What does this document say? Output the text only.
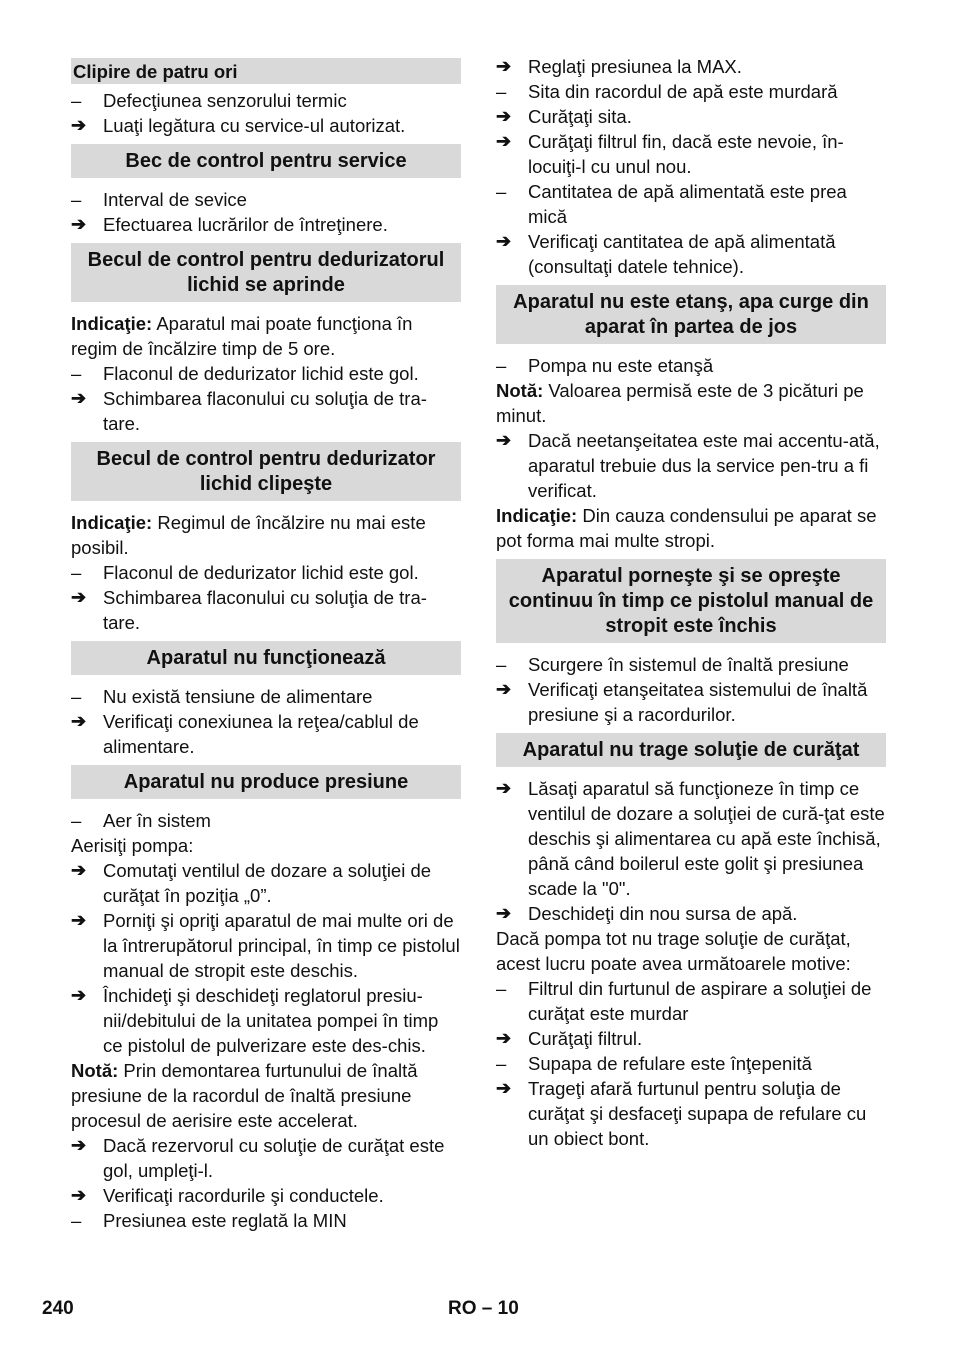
Clipire de patru ori
–	Defecţiunea senzorului termic
➔ Luaţi legătura cu service-ul autorizat.
Bec de control pentru service
–	Interval de sevice
➔ Efectuarea lucrărilor de întreţinere.
Becul de control pentru dedurizatorul lichid se aprinde
Indicaţie: Aparatul mai poate funcţiona în regim de încălzire timp de 5 ore.
–	Flaconul de dedurizator lichid este gol.
➔ Schimbarea flaconului cu soluţia de tra-tare.
Becul de control pentru dedurizator lichid clipeşte
Indicaţie: Regimul de încălzire nu mai este posibil.
–	Flaconul de dedurizator lichid este gol.
➔ Schimbarea flaconului cu soluţia de tra-tare.
Aparatul nu funcţionează
–	Nu există tensiune de alimentare
➔ Verificaţi conexiunea la reţea/cablul de alimentare.
Aparatul nu produce presiune
–	Aer în sistem
Aerisiţi pompa:
➔ Comutaţi ventilul de dozare a soluţiei de curăţat în poziţia „0”.
➔ Porniţi şi opriţi aparatul de mai multe ori de la întrerupătorul principal, în timp ce pistolul manual de stropit este deschis.
➔ Închideţi şi deschideţi reglatorul presiu-nii/debitului de la unitatea pompei în timp ce pistolul de pulverizare este des-chis.
Notă: Prin demontarea furtunului de înaltă presiune de la racordul de înaltă presiune procesul de aerisire este accelerat.
➔ Dacă rezervorul cu soluţie de curăţat este gol, umpleţi-l.
➔ Verificaţi racordurile şi conductele.
–	Presiunea este reglată la MIN
➔ Reglaţi presiunea la MAX.
–	Sita din racordul de apă este murdară
➔ Curăţaţi sita.
➔ Curăţaţi filtrul fin, dacă este nevoie, în-locuiţi-l cu unul nou.
–	Cantitatea de apă alimentată este prea mică
➔ Verificaţi cantitatea de apă alimentată (consultaţi datele tehnice).
Aparatul nu este etanş, apa curge din aparat în partea de jos
–	Pompa nu este etanşă
Notă: Valoarea permisă este de 3 picături pe minut.
➔ Dacă neetanşeitatea este mai accentu-ată, aparatul trebuie dus la service pen-tru a fi verificat.
Indicaţie: Din cauza condensului pe aparat se pot forma mai multe stropi.
Aparatul porneşte şi se opreşte continuu în timp ce pistolul manual de stropit este închis
–	Scurgere în sistemul de înaltă presiune
➔ Verificaţi etanşeitatea sistemului de înaltă presiune şi a racordurilor.
Aparatul nu trage soluţie de curăţat
➔ Lăsaţi aparatul să funcţioneze în timp ce ventilul de dozare a soluţiei de cură-ţat este deschis şi alimentarea cu apă este închisă, până când boilerul este golit şi presiunea scade la "0".
➔ Deschideţi din nou sursa de apă.
Dacă pompa tot nu trage soluţie de curăţat, acest lucru poate avea următoarele motive:
–	Filtrul din furtunul de aspirare a soluţiei de curăţat este murdar
➔ Curăţaţi filtrul.
–	Supapa de refulare este înţepenită
➔ Trageţi afară furtunul pentru soluţia de curăţat şi desfaceţi supapa de refulare cu un obiect bont.
240	RO – 10
